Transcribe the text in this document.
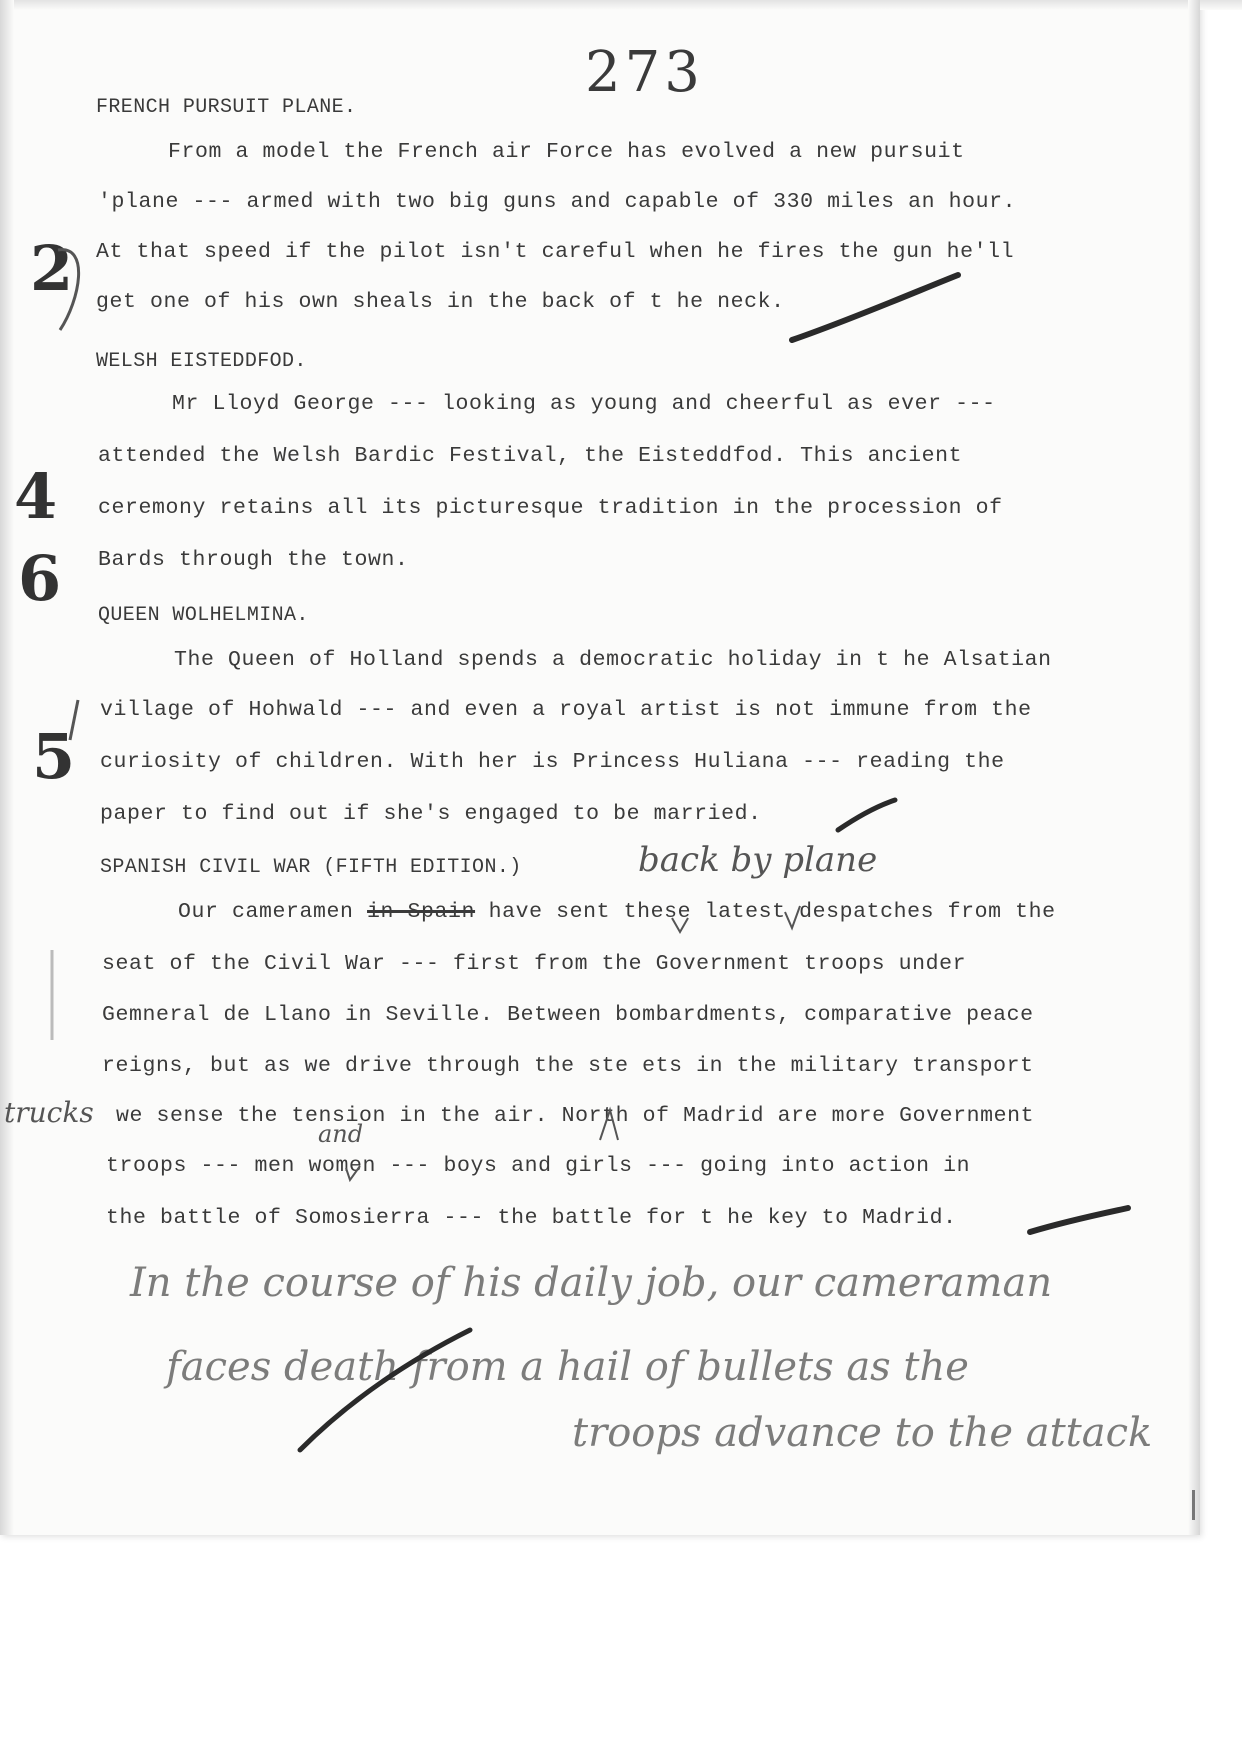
273
FRENCH PURSUIT PLANE.
From a model the French air Force has evolved a new pursuit
'plane --- armed with two big guns and capable of 330 miles an hour.
At that speed if the pilot isn't careful when he fires the gun he'll
get one of his own sheals in the back of t he neck.
WELSH EISTEDDFOD.
Mr Lloyd George --- looking as young and cheerful as ever ---
attended the Welsh Bardic Festival, the Eisteddfod. This ancient
ceremony retains all its picturesque tradition in the procession of
Bards through the town.
QUEEN WOLHELMINA.
The Queen of Holland spends a democratic holiday in t he Alsatian
village of Hohwald --- and even a royal artist is not immune from the
curiosity of children. With her is Princess Huliana --- reading the
paper to find out if she's engaged to be married.
SPANISH CIVIL WAR (FIFTH EDITION.)
Our cameramen in Spain have sent these latest despatches from the
seat of the Civil War --- first from the Government troops under
Gemneral de Llano in Seville. Between bombardments, comparative peace
reigns, but as we drive through the ste ets in the military transport
we sense the tension in the air. North of Madrid are more Government
troops --- men women --- boys and girls --- going into action in
the battle of Somosierra --- the battle for t he key to Madrid.
2
4
6
5
back by plane
trucks
and
In the course of his daily job, our cameraman
faces death from a hail of bullets as the
troops advance to the attack
